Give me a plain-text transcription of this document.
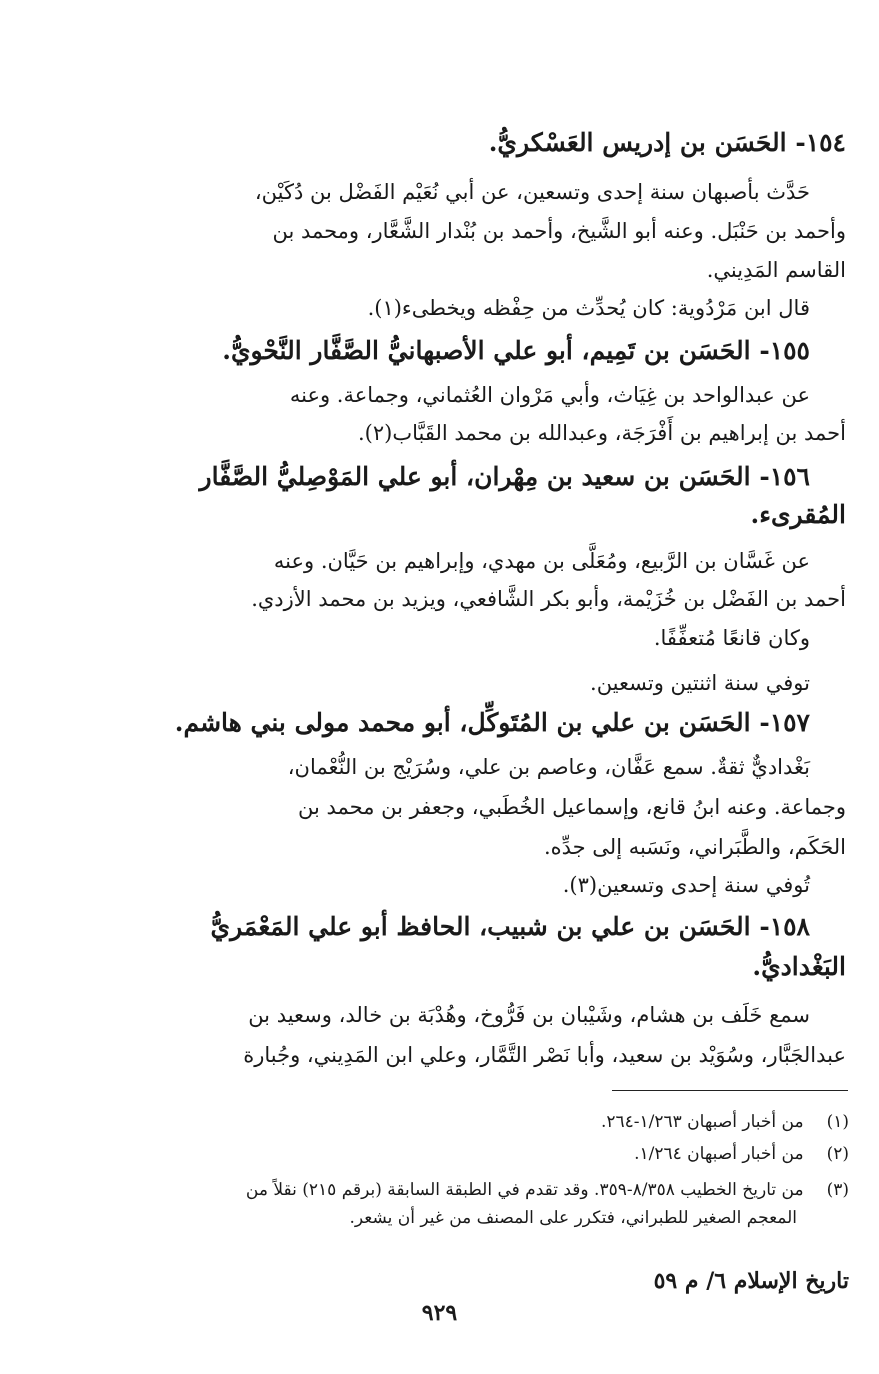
١٥٤- الحَسَن بن إدريس العَسْكريُّ.
حَدَّث بأصبهان سنة إحدى وتسعين، عن أبي نُعَيْم الفَضْل بن دُكَيْن،
وأحمد بن حَنْبَل. وعنه أبو الشَّيخ، وأحمد بن بُنْدار الشَّعَّار، ومحمد بن
القاسم المَدِيني.
قال ابن مَرْدُوية: كان يُحدِّث من حِفْظه ويخطىء(١).
١٥٥- الحَسَن بن تَمِيم، أبو علي الأصبهانيُّ الصَّفَّار النَّحْويُّ.
عن عبدالواحد بن غِيَاث، وأبي مَرْوان العُثماني، وجماعة. وعنه
أحمد بن إبراهيم بن أَفْرَجَة، وعبدالله بن محمد القَبَّاب(٢).
١٥٦- الحَسَن بن سعيد بن مِهْران، أبو علي المَوْصِليُّ الصَّفَّار
المُقرىء.
عن غَسَّان بن الرَّبيع، ومُعَلَّى بن مهدي، وإبراهيم بن حَيَّان. وعنه
أحمد بن الفَضْل بن خُزَيْمة، وأبو بكر الشَّافعي، ويزيد بن محمد الأزدي.
وكان قانعًا مُتعفِّفًا.
توفي سنة اثنتين وتسعين.
١٥٧- الحَسَن بن علي بن المُتَوكِّل، أبو محمد مولى بني هاشم.
بَغْداديٌّ ثقةٌ. سمع عَفَّان، وعاصم بن علي، وسُرَيْج بن النُّعْمان،
وجماعة. وعنه ابنُ قانع، وإسماعيل الخُطَبي، وجعفر بن محمد بن
الحَكَم، والطَّبَراني، ونَسَبه إلى جدِّه.
تُوفي سنة إحدى وتسعين(٣).
١٥٨- الحَسَن بن علي بن شبيب، الحافظ أبو علي المَعْمَريُّ
البَغْداديُّ.
سمع خَلَف بن هشام، وشَيْبان بن فَرُّوخ، وهُدْبَة بن خالد، وسعيد بن
عبدالجَبَّار، وسُوَيْد بن سعيد، وأبا نَصْر التَّمَّار، وعلي ابن المَدِيني، وجُبارة
(١) من أخبار أصبهان ١/٢٦٣-٢٦٤.
(٢) من أخبار أصبهان ١/٢٦٤.
(٣) من تاريخ الخطيب ٨/٣٥٨-٣٥٩. وقد تقدم في الطبقة السابقة (برقم ٢١٥) نقلاً من
المعجم الصغير للطبراني، فتكرر على المصنف من غير أن يشعر.
تاريخ الإسلام ٦/ م ٥٩
٩٢٩
